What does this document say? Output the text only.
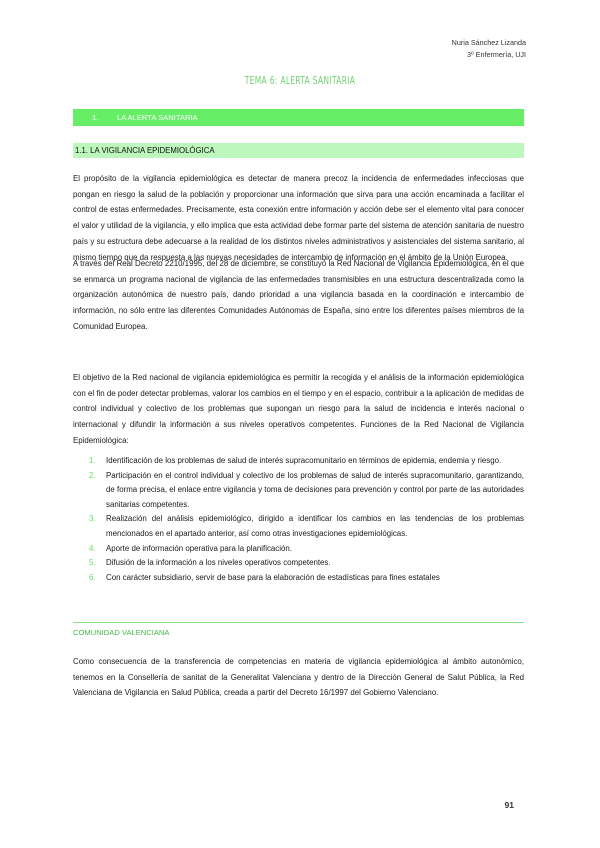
Nuria Sánchez Lizanda
3º Enfermería, UJI
TEMA 6: ALERTA SANITARIA
1.	LA ALERTA SANITARIA
1.1. LA VIGILANCIA EPIDEMIOLÓGICA

El propósito de la vigilancia epidemiológica es detectar de manera precoz la incidencia de enfermedades infecciosas que pongan en riesgo la salud de la población y proporcionar una información que sirva para una acción encaminada a facilitar el control de estas enfermedades. Precisamente, esta conexión entre información y acción debe ser el elemento vital para conocer el valor y utilidad de la vigilancia, y ello implica que esta actividad debe formar parte del sistema de atención sanitaria de nuestro país y su estructura debe adecuarse a la realidad de los distintos niveles administrativos y asistenciales del sistema sanitario, al mismo tiempo que da respuesta a las nuevas necesidades de intercambio de información en el ámbito de la Unión Europea.

A través del Real Decreto 2210/1995, del 28 de diciembre, se constituyó la Red Nacional de Vigilancia Epidemiológica, en el que se enmarca un programa nacional de vigilancia de las enfermedades transmisibles en una estructura descentralizada como la organización autonómica de nuestro país, dando prioridad a una vigilancia basada en la coordinación e intercambio de información, no sólo entre las diferentes Comunidades Autónomas de España, sino entre los diferentes países miembros de la Comunidad Europea.

El objetivo de la Red nacional de vigilancia epidemiológica es permitir la recogida y el análisis de la información epidemiológica con el fin de poder detectar problemas, valorar los cambios en el tiempo y en el espacio, contribuir a la aplicación de medidas de control individual y colectivo de los problemas que supongan un riesgo para la salud de incidencia e interés nacional o internacional y difundir la información a sus niveles operativos competentes. Funciones de la Red Nacional de Vigilancia Epidemiológica:

1. Identificación de los problemas de salud de interés supracomunitario en términos de epidemia, endemia y riesgo.
2. Participación en el control individual y colectivo de los problemas de salud de interés supracomunitario, garantizando, de forma precisa, el enlace entre vigilancia y toma de decisiones para prevención y control por parte de las autoridades sanitarias competentes.
3. Realización del análisis epidemiológico, dirigido a identificar los cambios en las tendencias de los problemas mencionados en el apartado anterior, así como otras investigaciones epidemiológicas.
4. Aporte de información operativa para la planificación.
5. Difusión de la información a los niveles operativos competentes.
6. Con carácter subsidiario, servir de base para la elaboración de estadísticas para fines estatales
COMUNIDAD VALENCIANA

Como consecuencia de la transferencia de competencias en materia de vigilancia epidemiológica al ámbito autonómico, tenemos en la Consellería de sanitat de la Generalitat Valenciana y dentro de la Dirección General de Salut Pública, la Red Valenciana de Vigilancia en Salud Pública, creada a partir del Decreto 16/1997 del Gobierno Valenciano.

91
